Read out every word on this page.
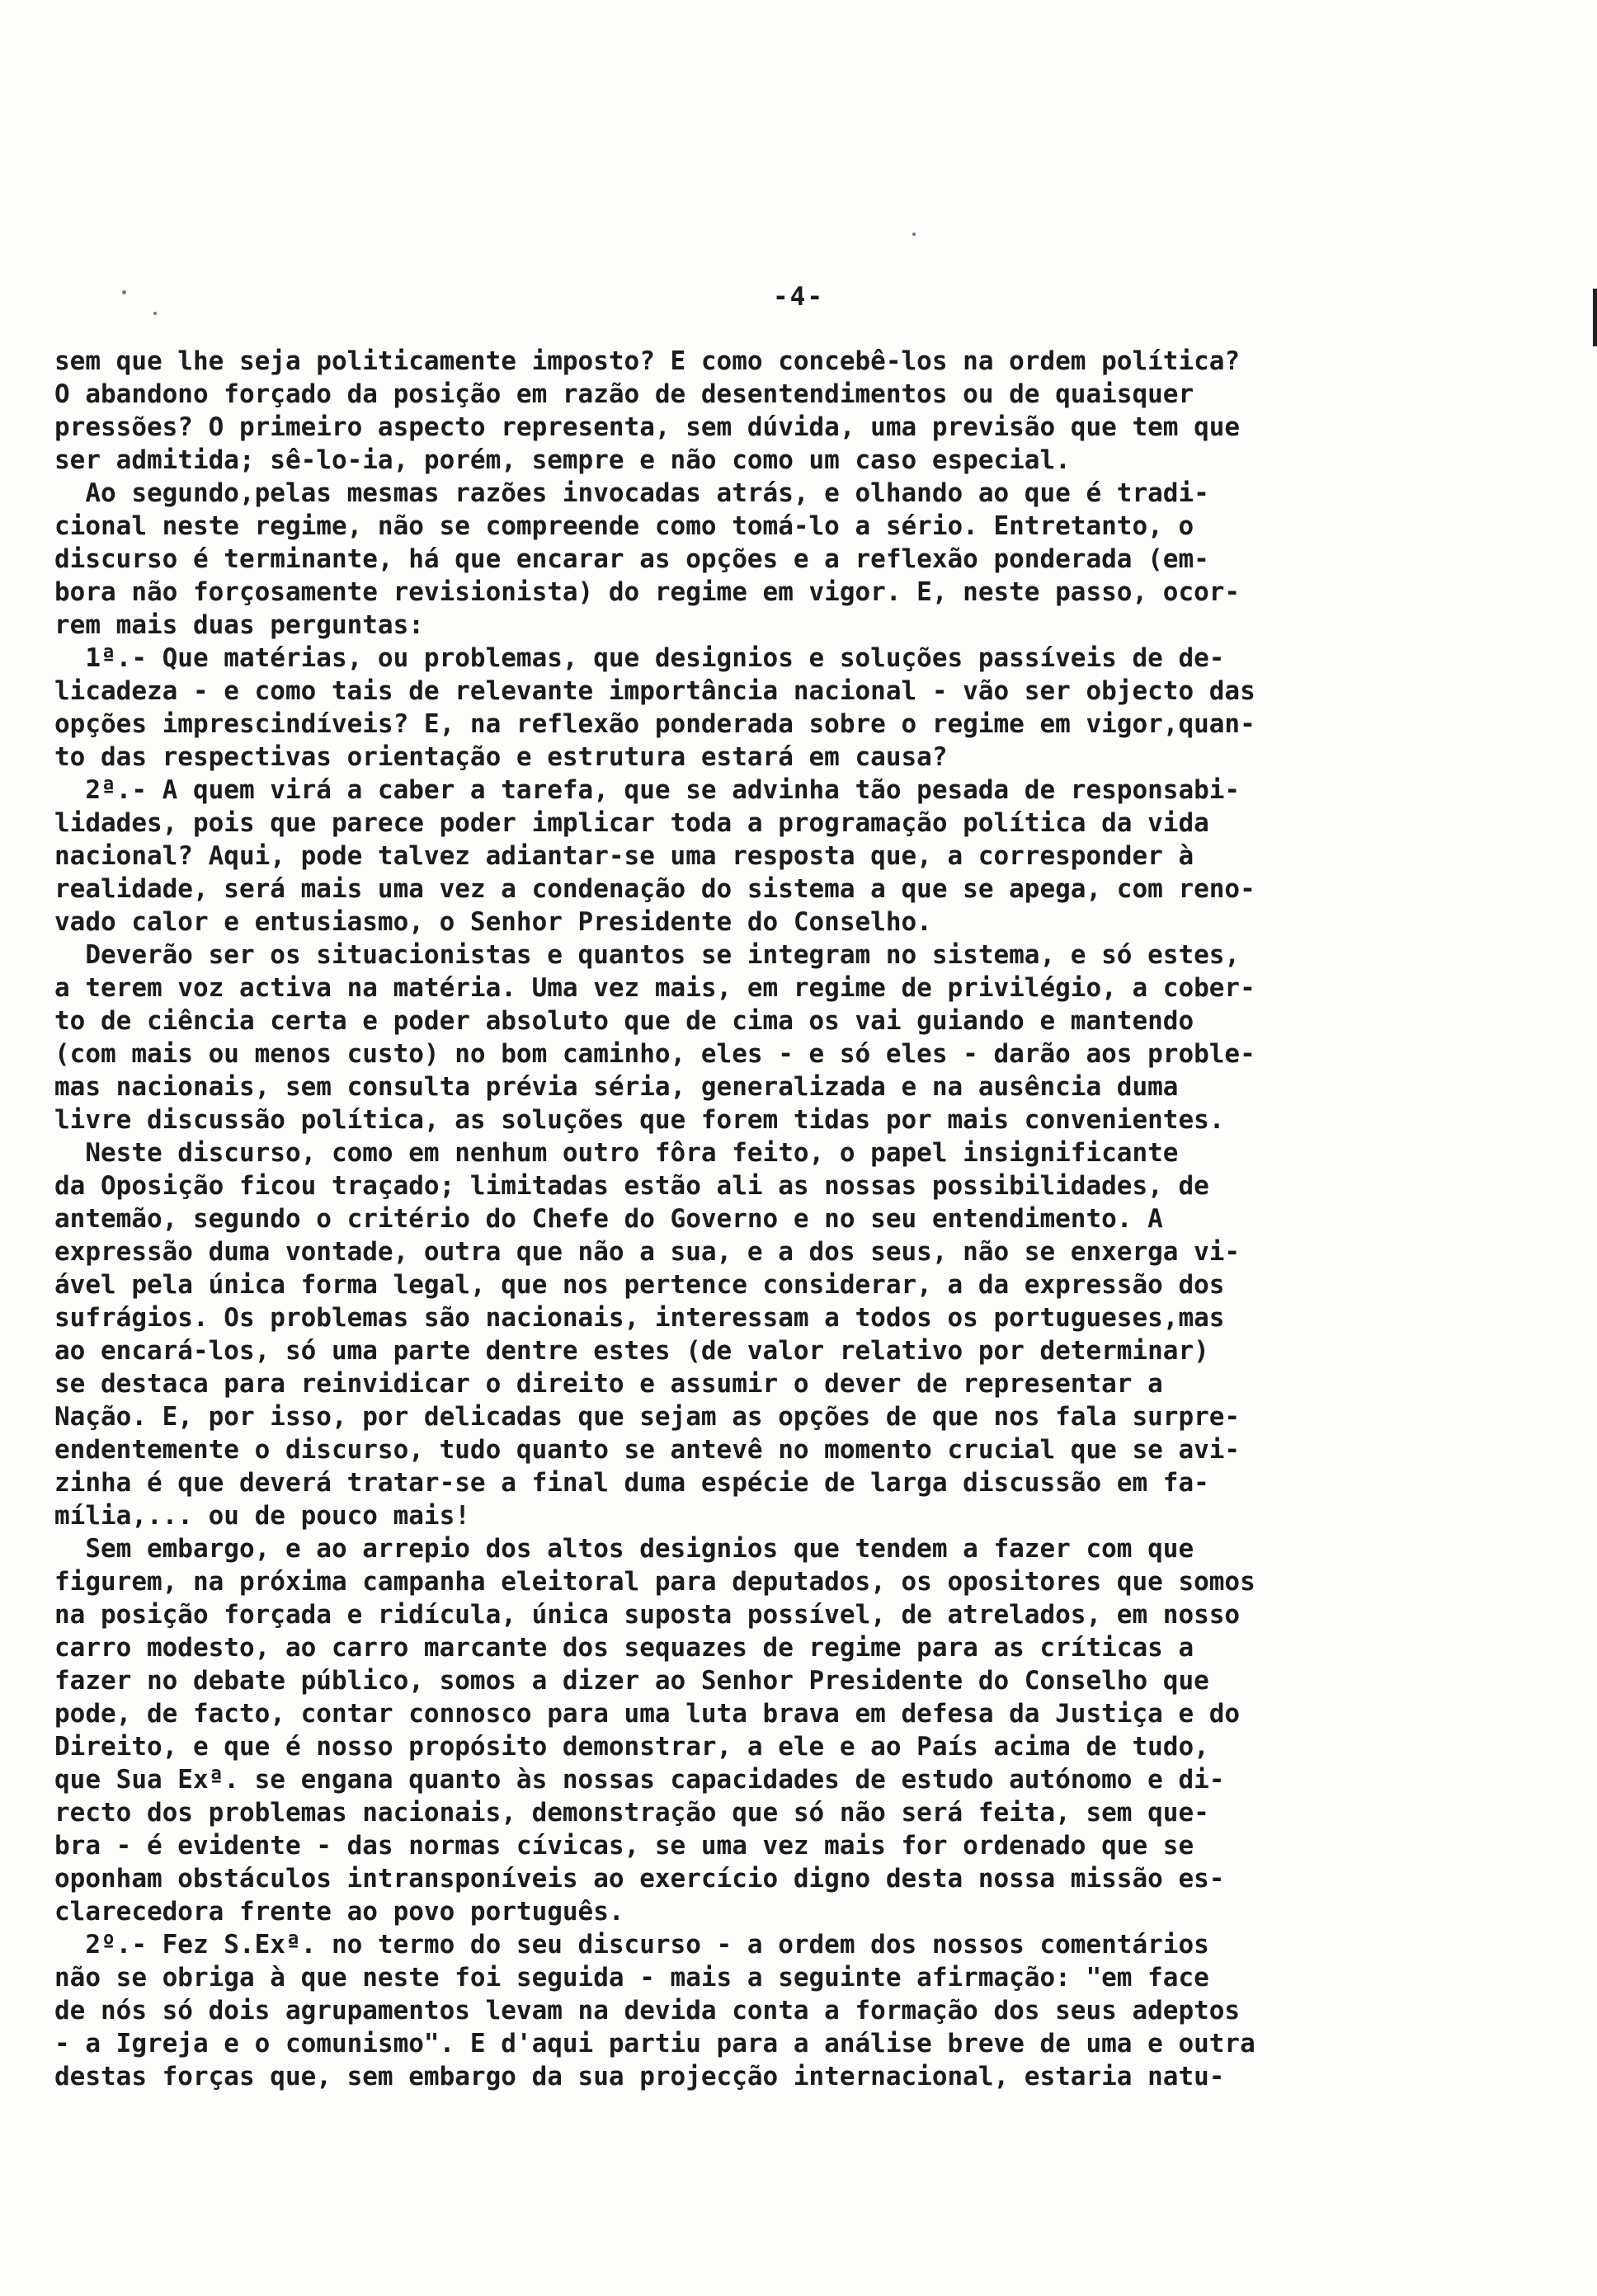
-4-
sem que lhe seja politicamente imposto? E como concebê-los na ordem política?
O abandono forçado da posição em razão de desentendimentos ou de quaisquer
pressões? O primeiro aspecto representa, sem dúvida, uma previsão que tem que
ser admitida; sê-lo-ia, porém, sempre e não como um caso especial.
Ao segundo,pelas mesmas razões invocadas atrás, e olhando ao que é tradi-
cional neste regime, não se compreende como tomá-lo a sério. Entretanto, o
discurso é terminante, há que encarar as opções e a reflexão ponderada (em-
bora não forçosamente revisionista) do regime em vigor. E, neste passo, ocor-
rem mais duas perguntas:
1ª.- Que matérias, ou problemas, que designios e soluções passíveis de de-
licadeza - e como tais de relevante importância nacional - vão ser objecto das
opções imprescindíveis? E, na reflexão ponderada sobre o regime em vigor,quan-
to das respectivas orientação e estrutura estará em causa?
2ª.- A quem virá a caber a tarefa, que se advinha tão pesada de responsabi-
lidades, pois que parece poder implicar toda a programação política da vida
nacional? Aqui, pode talvez adiantar-se uma resposta que, a corresponder à
realidade, será mais uma vez a condenação do sistema a que se apega, com reno-
vado calor e entusiasmo, o Senhor Presidente do Conselho.
Deverão ser os situacionistas e quantos se integram no sistema, e só estes,
a terem voz activa na matéria. Uma vez mais, em regime de privilégio, a cober-
to de ciência certa e poder absoluto que de cima os vai guiando e mantendo
(com mais ou menos custo) no bom caminho, eles - e só eles - darão aos proble-
mas nacionais, sem consulta prévia séria, generalizada e na ausência duma
livre discussão política, as soluções que forem tidas por mais convenientes.
Neste discurso, como em nenhum outro fôra feito, o papel insignificante
da Oposição ficou traçado; limitadas estão ali as nossas possibilidades, de
antemão, segundo o critério do Chefe do Governo e no seu entendimento. A
expressão duma vontade, outra que não a sua, e a dos seus, não se enxerga vi-
ável pela única forma legal, que nos pertence considerar, a da expressão dos
sufrágios. Os problemas são nacionais, interessam a todos os portugueses,mas
ao encará-los, só uma parte dentre estes (de valor relativo por determinar)
se destaca para reinvidicar o direito e assumir o dever de representar a
Nação. E, por isso, por delicadas que sejam as opções de que nos fala surpre-
endentemente o discurso, tudo quanto se antevê no momento crucial que se avi-
zinha é que deverá tratar-se a final duma espécie de larga discussão em fa-
mília,... ou de pouco mais!
Sem embargo, e ao arrepio dos altos designios que tendem a fazer com que
figurem, na próxima campanha eleitoral para deputados, os opositores que somos
na posição forçada e ridícula, única suposta possível, de atrelados, em nosso
carro modesto, ao carro marcante dos sequazes de regime para as críticas a
fazer no debate público, somos a dizer ao Senhor Presidente do Conselho que
pode, de facto, contar connosco para uma luta brava em defesa da Justiça e do
Direito, e que é nosso propósito demonstrar, a ele e ao País acima de tudo,
que Sua Exª. se engana quanto às nossas capacidades de estudo autónomo e di-
recto dos problemas nacionais, demonstração que só não será feita, sem que-
bra - é evidente - das normas cívicas, se uma vez mais for ordenado que se
oponham obstáculos intransponíveis ao exercício digno desta nossa missão es-
clarecedora frente ao povo português.
2º.- Fez S.Exª. no termo do seu discurso - a ordem dos nossos comentários
não se obriga à que neste foi seguida - mais a seguinte afirmação: "em face
de nós só dois agrupamentos levam na devida conta a formação dos seus adeptos
- a Igreja e o comunismo". E d'aqui partiu para a análise breve de uma e outra
destas forças que, sem embargo da sua projecção internacional, estaria natu-
